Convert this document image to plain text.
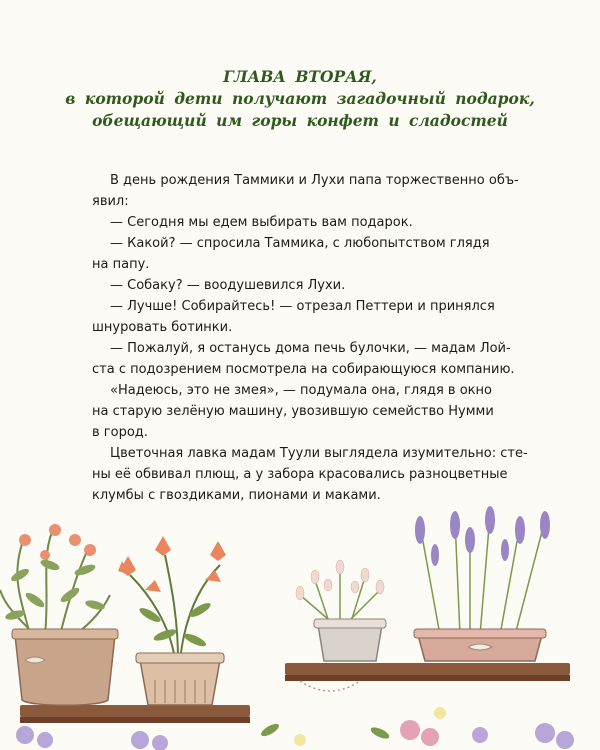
ГЛАВА ВТОРАЯ,
в которой дети получают загадочный подарок,
обещающий им горы конфет и сладостей
В день рождения Таммики и Лухи папа торжественно объ-
явил:
— Сегодня мы едем выбирать вам подарок.
— Какой? — спросила Таммика, с любопытством глядя
на папу.
— Собаку? — воодушевился Лухи.
— Лучше! Собирайтесь! — отрезал Петтери и принялся
шнуровать ботинки.
— Пожалуй, я останусь дома печь булочки, — мадам Лой-
ста с подозрением посмотрела на собирающуюся компанию.
«Надеюсь, это не змея», — подумала она, глядя в окно
на старую зелёную машину, увозившую семейство Нумми
в город.
Цветочная лавка мадам Туули выглядела изумительно: сте-
ны её обвивал плющ, а у забора красовались разноцветные
клумбы с гвоздиками, пионами и маками.
